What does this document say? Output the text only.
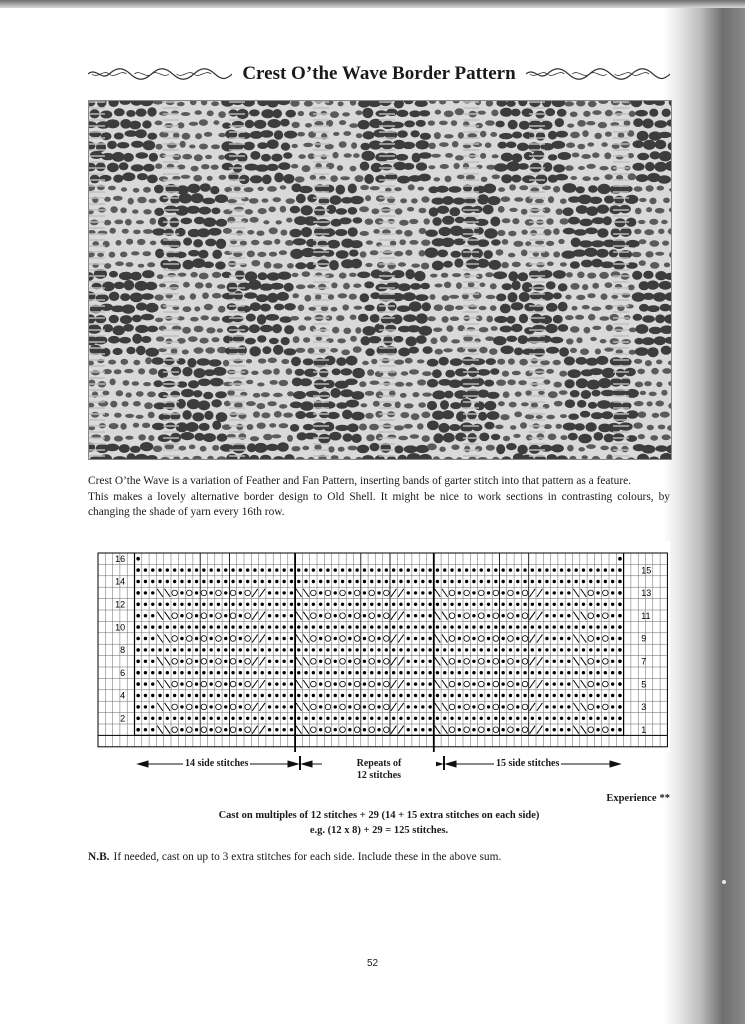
Crest O’the Wave Border Pattern

Crest O’the Wave is a variation of Feather and Fan Pattern, inserting bands of garter stitch into that pattern as a feature.

This makes a lovely alternative border design to Old Shell. It might be nice to work sections in contrasting colours, by changing the shade of yarn every 16th row.

16
14
12
10
8
6
4
2
15
13
11
9
7
5
3
1
14 side stitches	Repeats of
12 stitches
15 side stitches
Experience **
Cast on multiples of 12 stitches + 29 (14 + 15 extra stitches on each side)
e.g. (12 x 8) + 29 = 125 stitches.
N.B. If needed, cast on up to 3 extra stitches for each side. Include these in the above sum.
52
